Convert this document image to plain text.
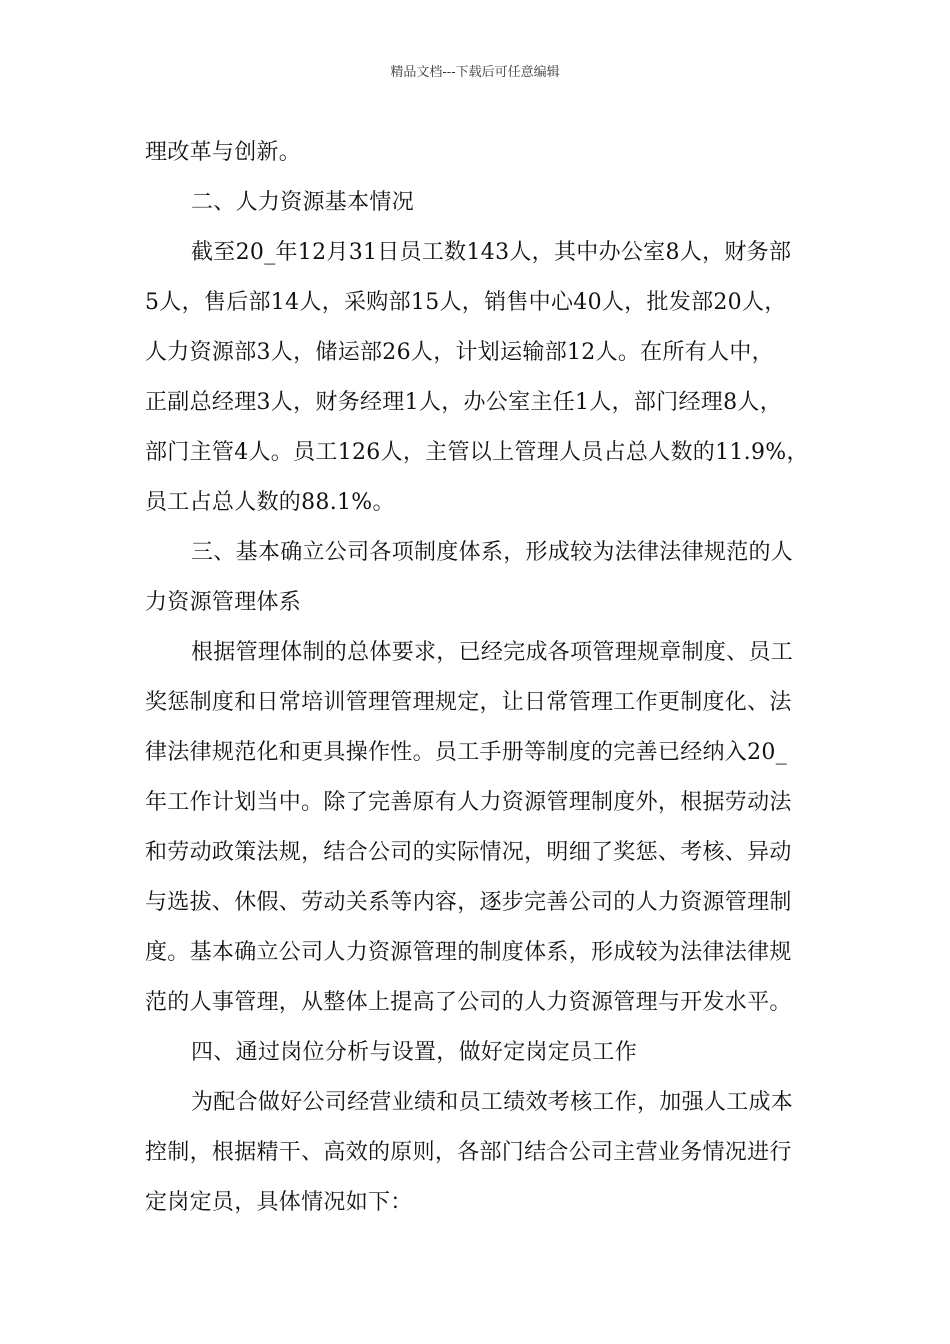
精品文档---下载后可任意编辑
理改革与创新。
二、人力资源基本情况
截至20_年12月31日员工数143人，其中办公室8人，财务部
5人，售后部14人，采购部15人，销售中心40人，批发部20人，
人力资源部3人，储运部26人，计划运输部12人。在所有人中，
正副总经理3人，财务经理1人，办公室主任1人，部门经理8人，
部门主管4人。员工126人，主管以上管理人员占总人数的11.9%，
员工占总人数的88.1%。
三、基本确立公司各项制度体系，形成较为法律法律规范的人
力资源管理体系
根据管理体制的总体要求，已经完成各项管理规章制度、员工
奖惩制度和日常培训管理管理规定，让日常管理工作更制度化、法
律法律规范化和更具操作性。员工手册等制度的完善已经纳入20_
年工作计划当中。除了完善原有人力资源管理制度外，根据劳动法
和劳动政策法规，结合公司的实际情况，明细了奖惩、考核、异动
与选拔、休假、劳动关系等内容，逐步完善公司的人力资源管理制
度。基本确立公司人力资源管理的制度体系，形成较为法律法律规
范的人事管理，从整体上提高了公司的人力资源管理与开发水平。
四、通过岗位分析与设置，做好定岗定员工作
为配合做好公司经营业绩和员工绩效考核工作，加强人工成本
控制，根据精干、高效的原则，各部门结合公司主营业务情况进行
定岗定员，具体情况如下：
